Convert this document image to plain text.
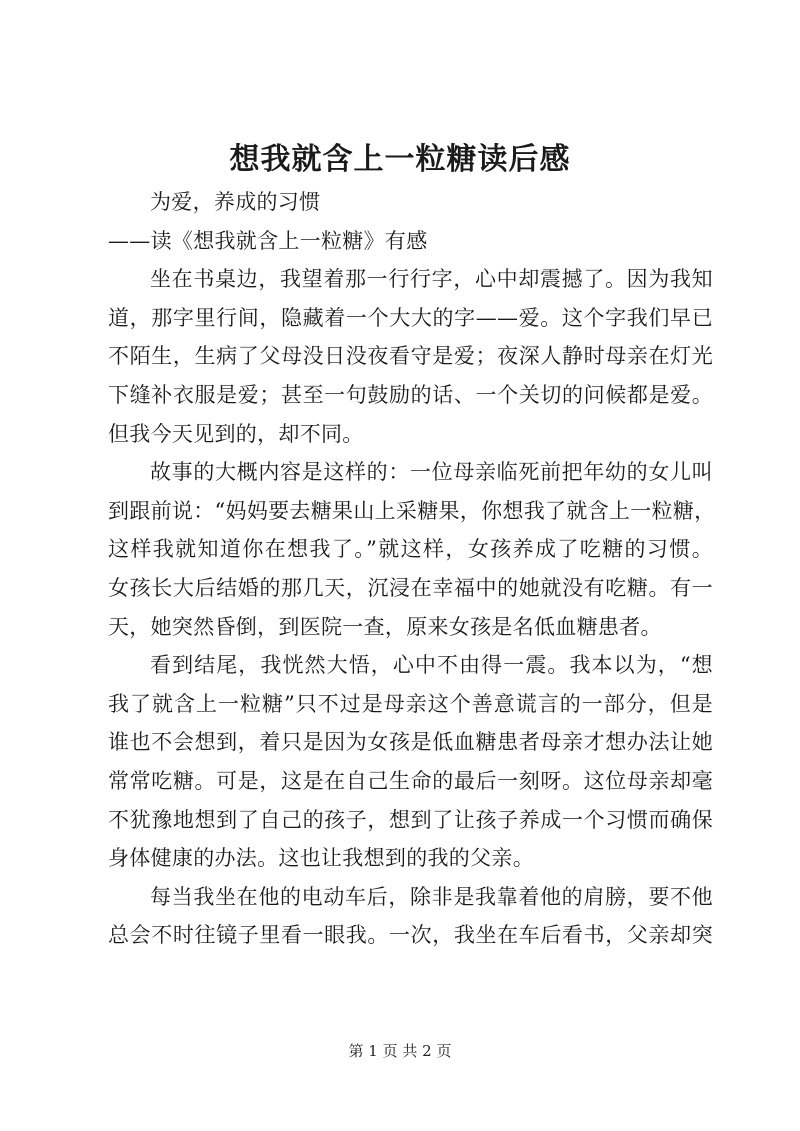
想我就含上一粒糖读后感
为爱，养成的习惯
——读《想我就含上一粒糖》有感
坐在书桌边，我望着那一行行字，心中却震撼了。因为我知
道，那字里行间，隐藏着一个大大的字——爱。这个字我们早已
不陌生，生病了父母没日没夜看守是爱；夜深人静时母亲在灯光
下缝补衣服是爱；甚至一句鼓励的话、一个关切的问候都是爱。
但我今天见到的，却不同。
故事的大概内容是这样的：一位母亲临死前把年幼的女儿叫
到跟前说：“妈妈要去糖果山上采糖果，你想我了就含上一粒糖，
这样我就知道你在想我了。”就这样，女孩养成了吃糖的习惯。
女孩长大后结婚的那几天，沉浸在幸福中的她就没有吃糖。有一
天，她突然昏倒，到医院一查，原来女孩是名低血糖患者。
看到结尾，我恍然大悟，心中不由得一震。我本以为，“想
我了就含上一粒糖”只不过是母亲这个善意谎言的一部分，但是
谁也不会想到，着只是因为女孩是低血糖患者母亲才想办法让她
常常吃糖。可是，这是在自己生命的最后一刻呀。这位母亲却毫
不犹豫地想到了自己的孩子，想到了让孩子养成一个习惯而确保
身体健康的办法。这也让我想到的我的父亲。
每当我坐在他的电动车后，除非是我靠着他的肩膀，要不他
总会不时往镜子里看一眼我。一次，我坐在车后看书，父亲却突
第 1 页 共 2 页
